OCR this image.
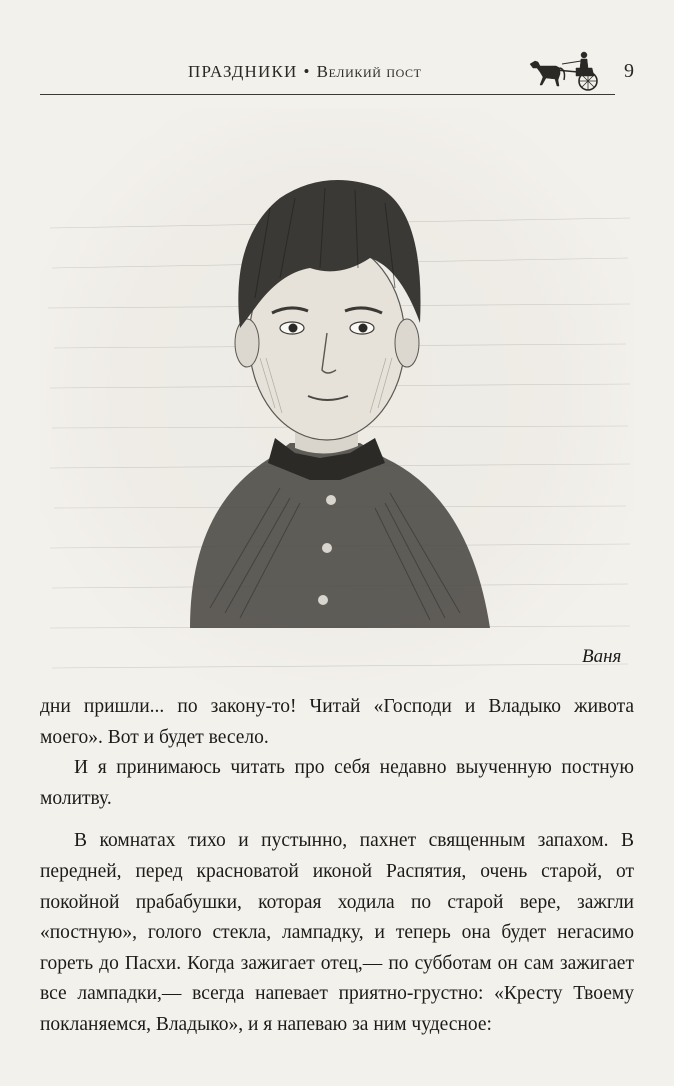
ПРАЗДНИКИ • Великий пост	9
Ваня

дни пришли... по закону-то! Читай «Господи и Владыко живота моего». Вот и будет весело.

И я принимаюсь читать про себя недавно выученную постную молитву.

В комнатах тихо и пустынно, пахнет священным запахом. В передней, перед красноватой иконой Распятия, очень старой, от покойной прабабушки, которая ходила по старой вере, зажгли «постную», голого стекла, лампадку, и теперь она будет негасимо гореть до Пасхи. Когда зажигает отец,— по субботам он сам зажигает все лампадки,— всегда напевает приятно-грустно: «Кресту Твоему покланяемся, Владыко», и я напеваю за ним чудесное:
